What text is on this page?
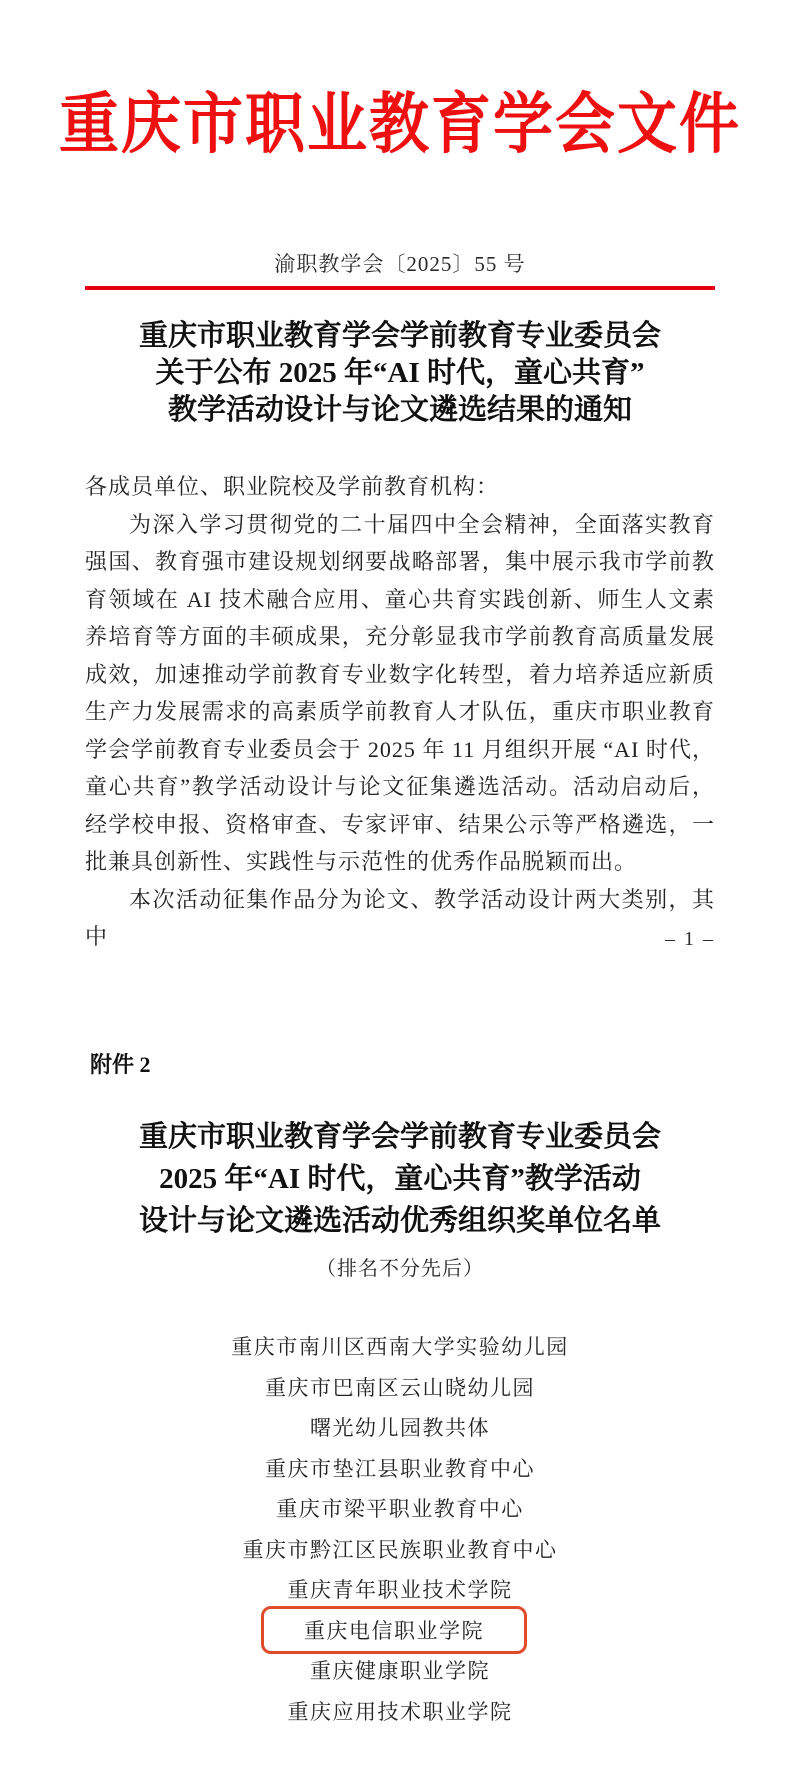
重庆市职业教育学会文件
渝职教学会〔2025〕55 号
重庆市职业教育学会学前教育专业委员会
关于公布 2025 年“AI 时代，童心共育”
教学活动设计与论文遴选结果的通知

各成员单位、职业院校及学前教育机构：

为深入学习贯彻党的二十届四中全会精神，全面落实教育强国、教育强市建设规划纲要战略部署，集中展示我市学前教育领域在 AI 技术融合应用、童心共育实践创新、师生人文素养培育等方面的丰硕成果，充分彰显我市学前教育高质量发展成效，加速推动学前教育专业数字化转型，着力培养适应新质生产力发展需求的高素质学前教育人才队伍，重庆市职业教育学会学前教育专业委员会于 2025 年 11 月组织开展 “AI 时代，童心共育”教学活动设计与论文征集遴选活动。活动启动后，经学校申报、资格审查、专家评审、结果公示等严格遴选，一批兼具创新性、实践性与示范性的优秀作品脱颖而出。

本次活动征集作品分为论文、教学活动设计两大类别，其中	– 1 –
附件 2
重庆市职业教育学会学前教育专业委员会
2025 年“AI 时代，童心共育”教学活动
设计与论文遴选活动优秀组织奖单位名单
（排名不分先后）
重庆市南川区西南大学实验幼儿园
重庆市巴南区云山晓幼儿园
曙光幼儿园教共体
重庆市垫江县职业教育中心
重庆市梁平职业教育中心
重庆市黔江区民族职业教育中心
重庆青年职业技术学院
重庆电信职业学院
重庆健康职业学院
重庆应用技术职业学院
